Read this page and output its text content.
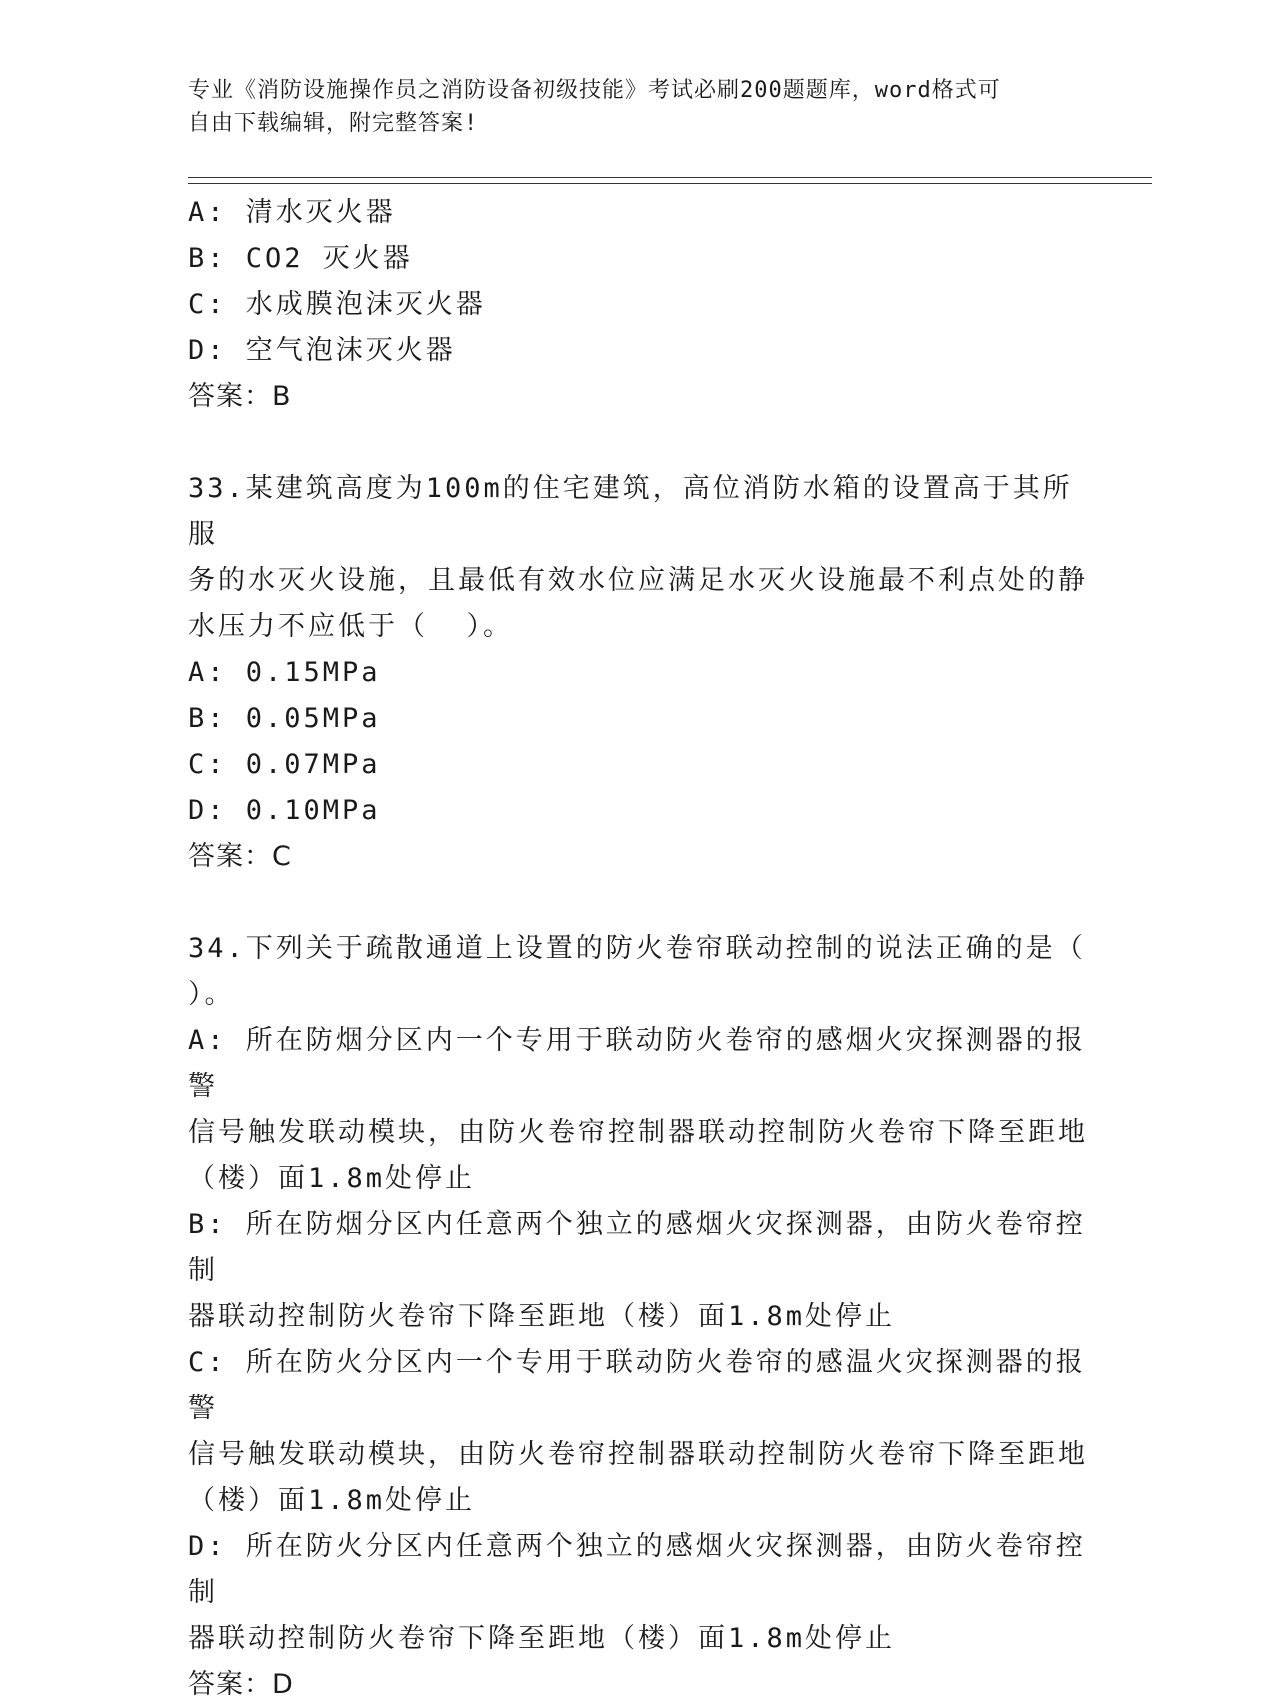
专业《消防设施操作员之消防设备初级技能》考试必刷200题题库，word格式可
自由下载编辑，附完整答案!
A: 清水灭火器
B: CO2 灭火器
C: 水成膜泡沫灭火器
D: 空气泡沫灭火器
答案：B
33.某建筑高度为100m的住宅建筑，高位消防水箱的设置高于其所服
务的水灭火设施，且最低有效水位应满足水灭火设施最不利点处的静
水压力不应低于（  ）。
A: 0.15MPa
B: 0.05MPa
C: 0.07MPa
D: 0.10MPa
答案：C
34.下列关于疏散通道上设置的防火卷帘联动控制的说法正确的是（
）。
A: 所在防烟分区内一个专用于联动防火卷帘的感烟火灾探测器的报警
信号触发联动模块，由防火卷帘控制器联动控制防火卷帘下降至距地
（楼）面1.8m处停止
B: 所在防烟分区内任意两个独立的感烟火灾探测器，由防火卷帘控制
器联动控制防火卷帘下降至距地（楼）面1.8m处停止
C: 所在防火分区内一个专用于联动防火卷帘的感温火灾探测器的报警
信号触发联动模块，由防火卷帘控制器联动控制防火卷帘下降至距地
（楼）面1.8m处停止
D: 所在防火分区内任意两个独立的感烟火灾探测器，由防火卷帘控制
器联动控制防火卷帘下降至距地（楼）面1.8m处停止
答案：D
